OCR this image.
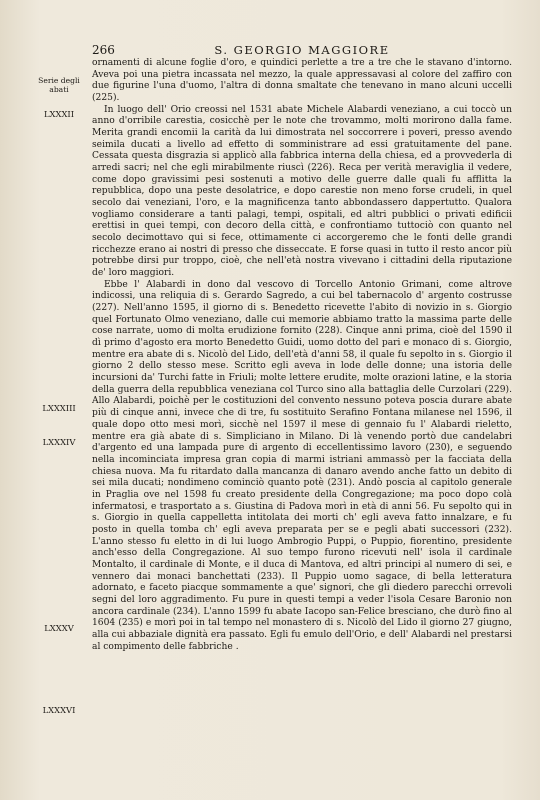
266	S. GEORGIO MAGGIORE
Serie degli abati
LXXXII
LXXXIII
LXXXIV
LXXXV
LXXXVI

ornamenti di alcune foglie d'oro, e quindici perlette a tre a tre che le stavano d'intorno. Aveva poi una pietra incassata nel mezzo, la quale appressavasi al colore del zaffiro con due figurine l'una d'uomo, l'altra di donna smaltate che tenevano in mano alcuni uccelli (225).

In luogo dell' Orio creossi nel 1531 abate Michele Alabardi veneziano, a cui toccò un anno d'orribile carestia, cosicchè per le note che trovammo, molti morirono dalla fame. Merita grandi encomii la carità da lui dimostrata nel soccorrere i poveri, presso avendo seimila ducati a livello ad effetto di somministrare ad essi gratuitamente del pane. Cessata questa disgrazia si applicò alla fabbrica interna della chiesa, ed a provvederla di arredi sacri; nel che egli mirabilmente riuscì (226). Reca per verità meraviglia il vedere, come dopo gravissimi pesi sostenuti a motivo delle guerre dalle quali fu afflitta la repubblica, dopo una peste desolatrice, e dopo carestie non meno forse crudeli, in quel secolo dai veneziani, l'oro, e la magnificenza tanto abbondassero dappertutto. Qualora vogliamo considerare a tanti palagi, tempi, ospitali, ed altri pubblici o privati edificii erettisi in quei tempi, con decoro della città, e confrontiamo tuttociò con quanto nel secolo decimottavo qui si fece, ottimamente ci accorgeremo che le fonti delle grandi ricchezze erano ai nostri di presso che disseccate. E forse quasi in tutto il resto ancor più potrebbe dirsi pur troppo, cioè, che nell'età nostra vivevano i cittadini della riputazione de' loro maggiori.

Ebbe l' Alabardi in dono dal vescovo di Torcello Antonio Grimani, come altrove indicossi, una reliquia di s. Gerardo Sagredo, a cui bel tabernacolo d' argento costrusse (227). Nell'anno 1595, il giorno di s. Benedetto ricevette l'abito di novizio in s. Giorgio quel Fortunato Olmo veneziano, dalle cui memorie abbiamo tratto la massima parte delle cose narrate, uomo di molta erudizione fornito (228). Cinque anni prima, cioè del 1590 il dì primo d'agosto era morto Benedetto Guidi, uomo dotto del pari e monaco di s. Giorgio, mentre era abate di s. Nicolò del Lido, dell'età d'anni 58, il quale fu sepolto in s. Giorgio il giorno 2 dello stesso mese. Scritto egli aveva in lode delle donne; una istoria delle incursioni da' Turchi fatte in Friuli; molte lettere erudite, molte orazioni latine, e la storia della guerra della repubblica veneziana col Turco sino alla battaglia delle Curzolari (229). Allo Alabardi, poichè per le costituzioni del convento nessuno poteva poscia durare abate più di cinque anni, invece che di tre, fu sostituito Serafino Fontana milanese nel 1596, il quale dopo otto mesi morì, sicchè nel 1597 il mese di gennaio fu l' Alabardi rieletto, mentre era già abate di s. Simpliciano in Milano. Di là venendo portò due candelabri d'argento ed una lampada pure di argento di eccellentissimo lavoro (230), e seguendo nella incominciata impresa gran copia di marmi istriani ammassò per la facciata della chiesa nuova. Ma fu ritardato dalla mancanza di danaro avendo anche fatto un debito di sei mila ducati; nondimeno cominciò quanto potè (231). Andò poscia al capitolo generale in Praglia ove nel 1598 fu creato presidente della Congregazione; ma poco dopo colà infermatosi, e trasportato a s. Giustina di Padova morì in età di anni 56. Fu sepolto qui in s. Giorgio in quella cappelletta intitolata dei morti ch' egli aveva fatto innalzare, e fu posto in quella tomba ch' egli aveva preparata per se e pegli abati successori (232). L'anno stesso fu eletto in di lui luogo Ambrogio Puppi, o Puppio, fiorentino, presidente anch'esso della Congregazione. Al suo tempo furono ricevuti nell' isola il cardinale Montalto, il cardinale di Monte, e il duca di Mantova, ed altri principi al numero di sei, e vennero dai monaci banchettati (233). Il Puppio uomo sagace, di bella letteratura adornato, e faceto piacque sommamente a que' signori, che gli diedero parecchi orrevoli segni del loro aggradimento. Fu pure in questi tempi a veder l'isola Cesare Baronio non ancora cardinale (234). L'anno 1599 fu abate Iacopo san-Felice bresciano, che durò fino al 1604 (235) e morì poi in tal tempo nel monastero di s. Nicolò del Lido il giorno 27 giugno, alla cui abbaziale dignità era passato. Egli fu emulo dell'Orio, e dell' Alabardi nel prestarsi al compimento delle fabbriche .
